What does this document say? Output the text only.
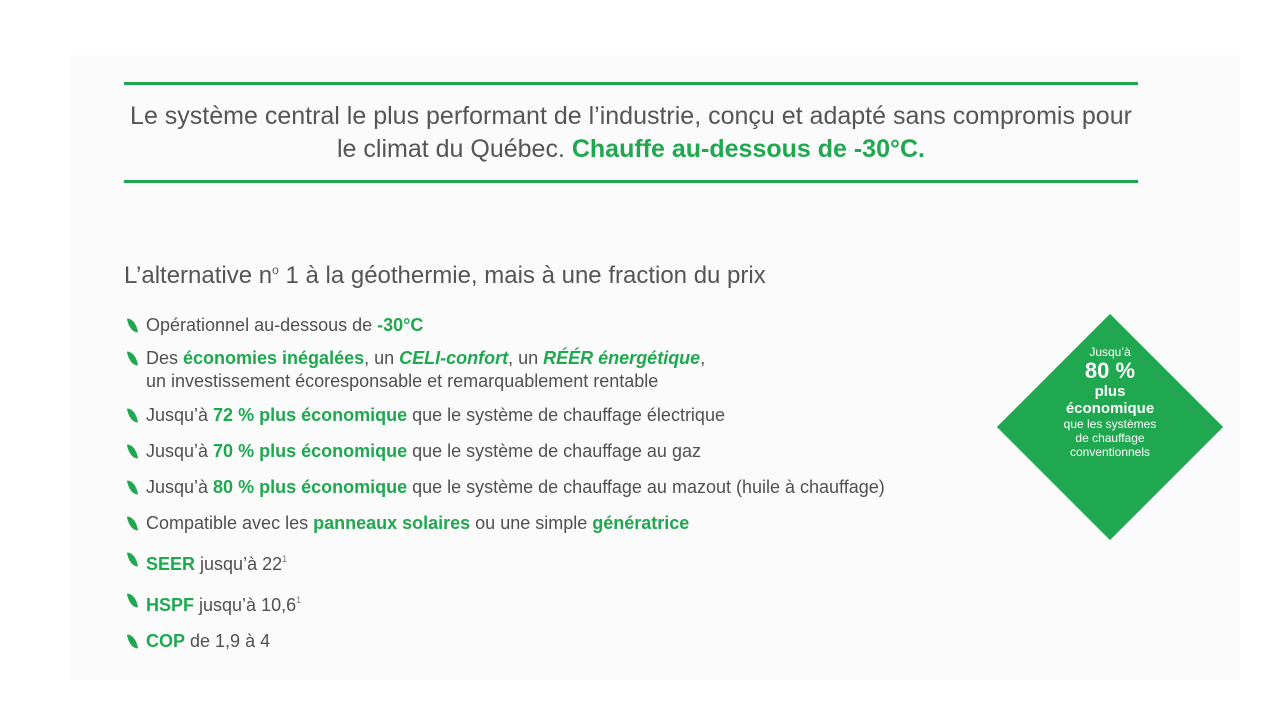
Le système central le plus performant de l’industrie, conçu et adapté sans compromis pour le climat du Québec. Chauffe au-dessous de -30°C.
L’alternative $n^o$ 1 à la géothermie, mais à une fraction du prix
Opérationnel au-dessous de -30°C
Des économies inégalées, un CELI-confort, un RÉÉR énergétique,
un investissement écoresponsable et remarquablement rentable
Jusqu’à 72 % plus économique que le système de chauffage électrique
Jusqu’à 70 % plus économique que le système de chauffage au gaz
Jusqu’à 80 % plus économique que le système de chauffage au mazout (huile à chauffage)
Compatible avec les panneaux solaires ou une simple génératrice
SEER jusqu’à 22$^1$
HSPF jusqu’à 10,6$^1$
COP de 1,9 à 4
Jusqu’à
80 %
plus
économique
que les systèmes
de chauffage
conventionnels
